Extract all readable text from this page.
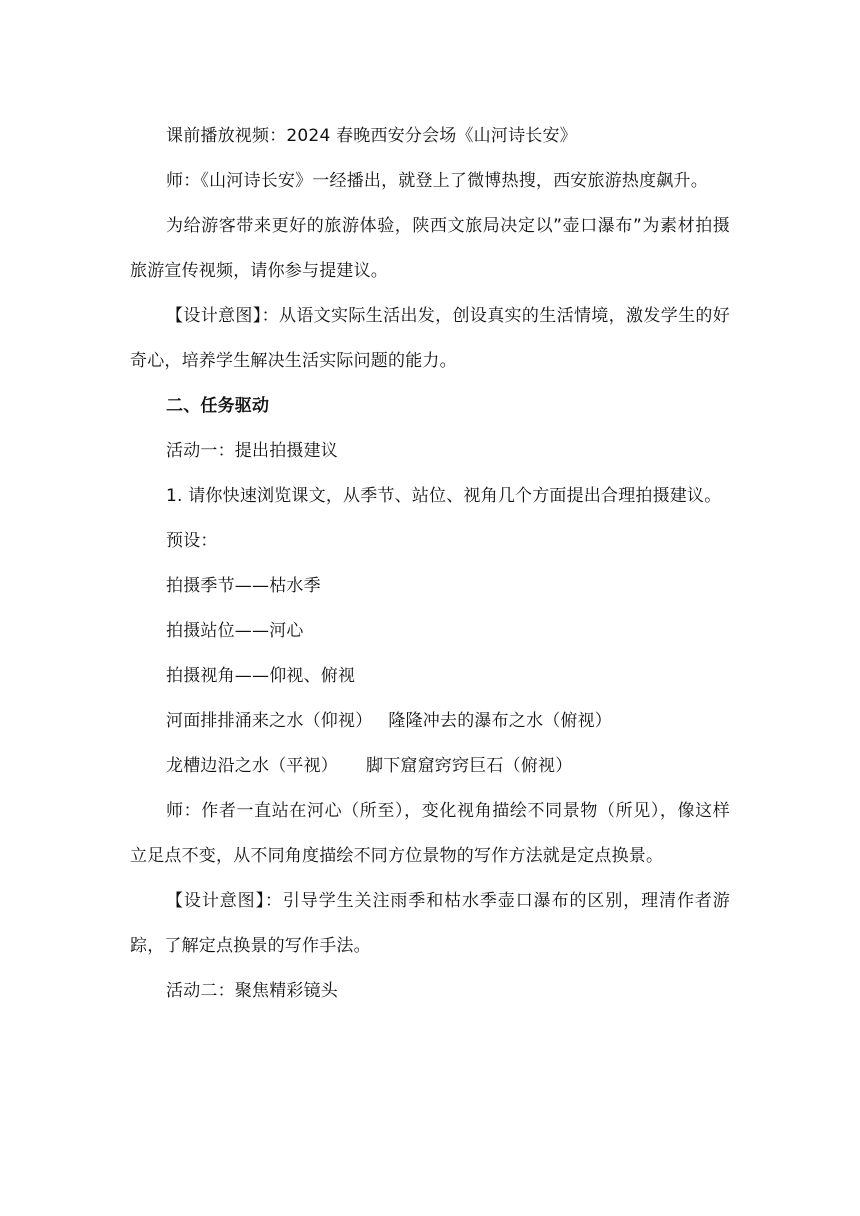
课前播放视频：2024 春晚西安分会场《山河诗长安》

师：《山河诗长安》一经播出，就登上了微博热搜，西安旅游热度飙升。

为给游客带来更好的旅游体验，陕西文旅局决定以”壶口瀑布”为素材拍摄旅游宣传视频，请你参与提建议。

【设计意图】：从语文实际生活出发，创设真实的生活情境，激发学生的好奇心，培养学生解决生活实际问题的能力。

二、任务驱动

活动一：提出拍摄建议

1. 请你快速浏览课文，从季节、站位、视角几个方面提出合理拍摄建议。

预设：

拍摄季节——枯水季

拍摄站位——河心

拍摄视角——仰视、俯视

河面排排涌来之水（仰视） 隆隆冲去的瀑布之水（俯视）

龙槽边沿之水（平视） 脚下窟窟窍窍巨石（俯视）

师：作者一直站在河心（所至），变化视角描绘不同景物（所见），像这样立足点不变，从不同角度描绘不同方位景物的写作方法就是定点换景。

【设计意图】：引导学生关注雨季和枯水季壶口瀑布的区别，理清作者游踪，了解定点换景的写作手法。

活动二：聚焦精彩镜头
